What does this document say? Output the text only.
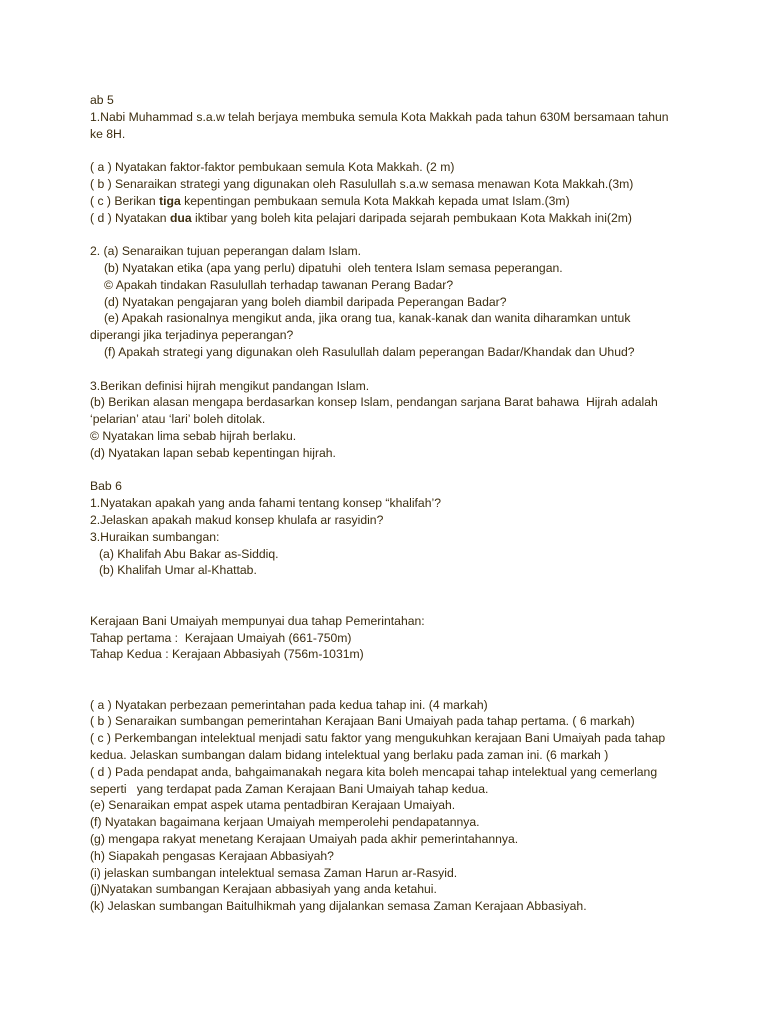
ab 5

1.Nabi Muhammad s.a.w telah berjaya membuka semula Kota Makkah pada tahun 630M bersamaan tahun ke 8H.

( a ) Nyatakan faktor-faktor pembukaan semula Kota Makkah. (2 m)

( b ) Senaraikan strategi yang digunakan oleh Rasulullah s.a.w semasa menawan Kota Makkah.(3m)

( c ) Berikan tiga kepentingan pembukaan semula Kota Makkah kepada umat Islam.(3m)

( d ) Nyatakan dua iktibar yang boleh kita pelajari daripada sejarah pembukaan Kota Makkah ini(2m)

2. (a) Senaraikan tujuan peperangan dalam Islam.

(b) Nyatakan etika (apa yang perlu) dipatuhi  oleh tentera Islam semasa peperangan.

© Apakah tindakan Rasulullah terhadap tawanan Perang Badar?

(d) Nyatakan pengajaran yang boleh diambil daripada Peperangan Badar?

(e) Apakah rasionalnya mengikut anda, jika orang tua, kanak-kanak dan wanita diharamkan untuk diperangi jika terjadinya peperangan?

(f) Apakah strategi yang digunakan oleh Rasulullah dalam peperangan Badar/Khandak dan Uhud?

3.Berikan definisi hijrah mengikut pandangan Islam.

(b) Berikan alasan mengapa berdasarkan konsep Islam, pendangan sarjana Barat bahawa  Hijrah adalah ‘pelarian’ atau ‘lari’ boleh ditolak.

© Nyatakan lima sebab hijrah berlaku.

(d) Nyatakan lapan sebab kepentingan hijrah.

Bab 6

1.Nyatakan apakah yang anda fahami tentang konsep “khalifah’?

2.Jelaskan apakah makud konsep khulafa ar rasyidin?

3.Huraikan sumbangan:

(a) Khalifah Abu Bakar as-Siddiq.

(b) Khalifah Umar al-Khattab.

Kerajaan Bani Umaiyah mempunyai dua tahap Pemerintahan:

Tahap pertama :  Kerajaan Umaiyah (661-750m)

Tahap Kedua : Kerajaan Abbasiyah (756m-1031m)

( a ) Nyatakan perbezaan pemerintahan pada kedua tahap ini. (4 markah)

( b ) Senaraikan sumbangan pemerintahan Kerajaan Bani Umaiyah pada tahap pertama. ( 6 markah)

( c ) Perkembangan intelektual menjadi satu faktor yang mengukuhkan kerajaan Bani Umaiyah pada tahap kedua. Jelaskan sumbangan dalam bidang intelektual yang berlaku pada zaman ini. (6 markah )

( d ) Pada pendapat anda, bahgaimanakah negara kita boleh mencapai tahap intelektual yang cemerlang seperti   yang terdapat pada Zaman Kerajaan Bani Umaiyah tahap kedua.

(e) Senaraikan empat aspek utama pentadbiran Kerajaan Umaiyah.

(f) Nyatakan bagaimana kerjaan Umaiyah memperolehi pendapatannya.

(g) mengapa rakyat menetang Kerajaan Umaiyah pada akhir pemerintahannya.

(h) Siapakah pengasas Kerajaan Abbasiyah?

(i) jelaskan sumbangan intelektual semasa Zaman Harun ar-Rasyid.

(j)Nyatakan sumbangan Kerajaan abbasiyah yang anda ketahui.

(k) Jelaskan sumbangan Baitulhikmah yang dijalankan semasa Zaman Kerajaan Abbasiyah.
